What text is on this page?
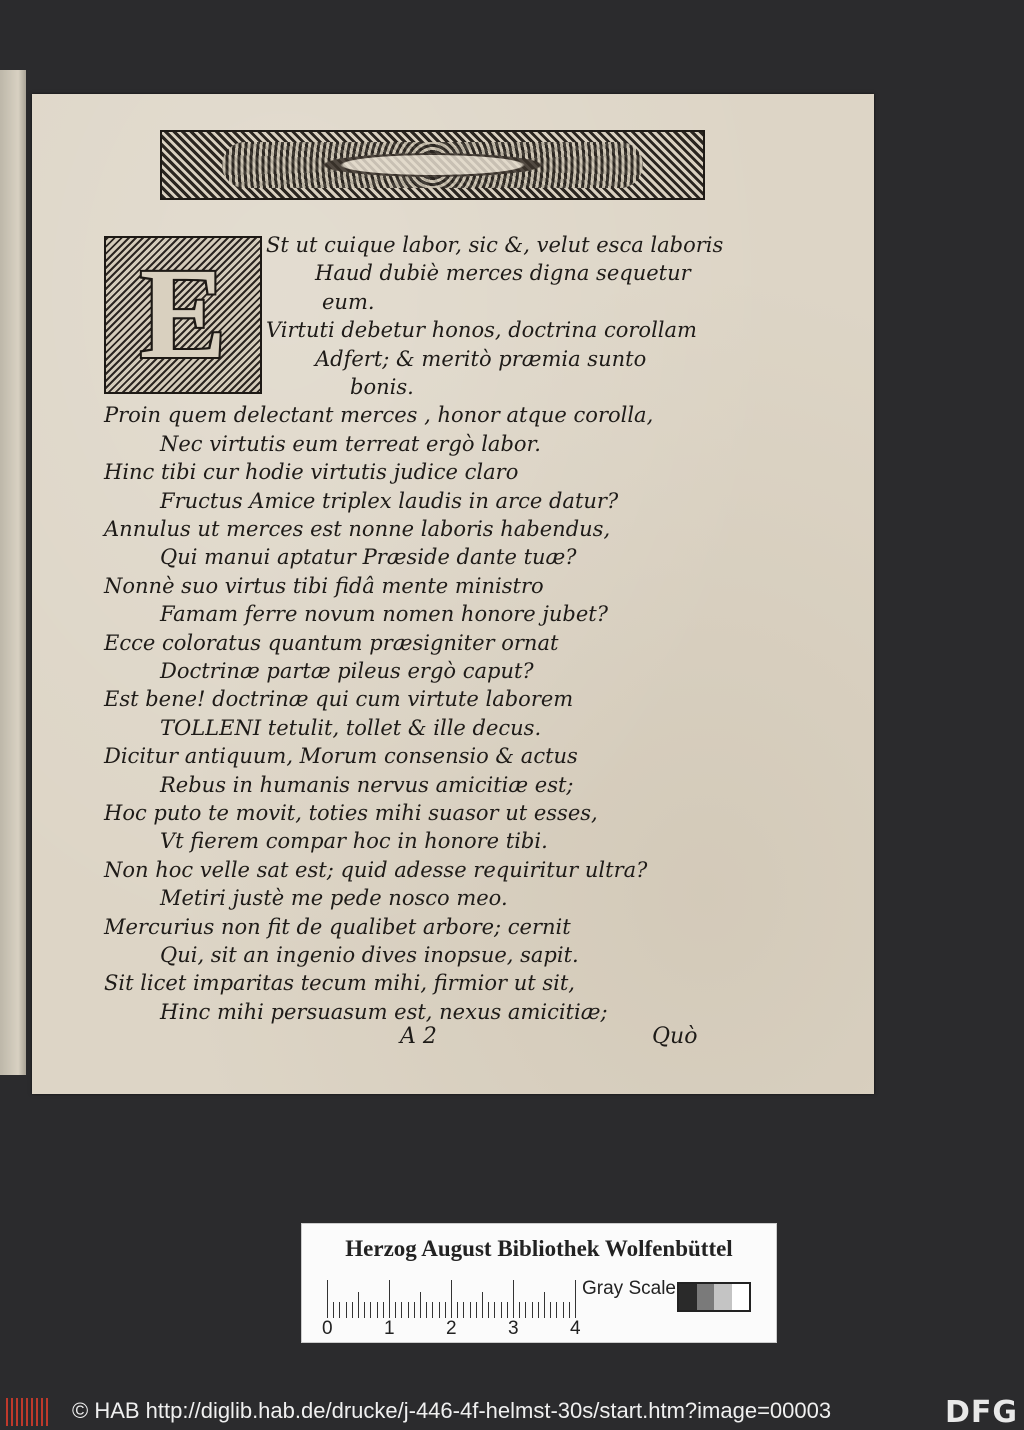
E	St ut cuique labor, sic &, velut esca laboris
Haud dubiè merces digna sequetur
eum.
Virtuti debetur honos, doctrina corollam
Adfert; & meritò præmia sunto
bonis.
Proin quem delectant merces , honor atque corolla,
Nec virtutis eum terreat ergò labor.
Hinc tibi cur hodie virtutis judice claro
Fructus Amice triplex laudis in arce datur?
Annulus ut merces est nonne laboris habendus,
Qui manui aptatur Præside dante tuæ?
Nonnè suo virtus tibi fidâ mente ministro
Famam ferre novum nomen honore jubet?
Ecce coloratus quantum præsigniter ornat
Doctrinæ partæ pileus ergò caput?
Est bene! doctrinæ qui cum virtute laborem
TOLLENI tetulit, tollet & ille decus.
Dicitur antiquum, Morum consensio & actus
Rebus in humanis nervus amicitiæ est;
Hoc puto te movit, toties mihi suasor ut esses,
Vt fierem compar hoc in honore tibi.
Non hoc velle sat est; quid adesse requiritur ultra?
Metiri justè me pede nosco meo.
Mercurius non fit de qualibet arbore; cernit
Qui, sit an ingenio dives inopsue, sapit.
Sit licet imparitas tecum mihi, firmior ut sit,
Hinc mihi persuasum est, nexus amicitiæ;
A 2	Quò
Herzog August Bibliothek Wolfenbüttel
0	1	2	3	4
Gray Scale
© HAB http://diglib.hab.de/drucke/j-446-4f-helmst-30s/start.htm?image=00003	DFG
